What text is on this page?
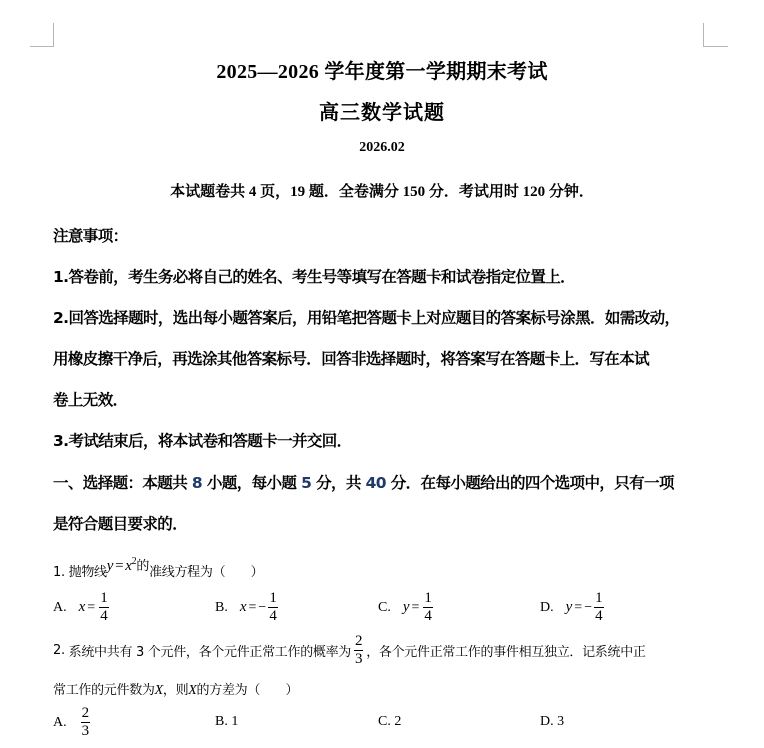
2025—2026 学年度第一学期期末考试
高三数学试题
2026.02
本试题卷共 4 页，19 题．全卷满分 150 分．考试用时 120 分钟．
注意事项：
1.答卷前，考生务必将自己的姓名、考生号等填写在答题卡和试卷指定位置上．
2.回答选择题时，选出每小题答案后，用铅笔把答题卡上对应题目的答案标号涂黑．如需改动，
用橡皮擦干净后，再选涂其他答案标号．回答非选择题时，将答案写在答题卡上．写在本试
卷上无效．
3.考试结束后，将本试卷和答题卡一并交回．
一、选择题：本题共 8 小题，每小题 5 分，共 40 分．在每小题给出的四个选项中，只有一项
是符合题目要求的．
1. 抛物线$y = x^2$的准线方程为（　　）
A. $x = \frac{1}{4}$	B. x = − $\frac{1}{4}$	C. $y = \frac{1}{4}$	D. y = − $\frac{1}{4}$
2.
系统中共有 3 个元件，各个元件正常工作的概率为 $\frac{2}{3}$ ，各个元件正常工作的事件相互独立．记系统中正
常工作的元件数为X，则X的方差为（　　）
A. $\frac{2}{3}$	B.
1	C.
2	D.
3
